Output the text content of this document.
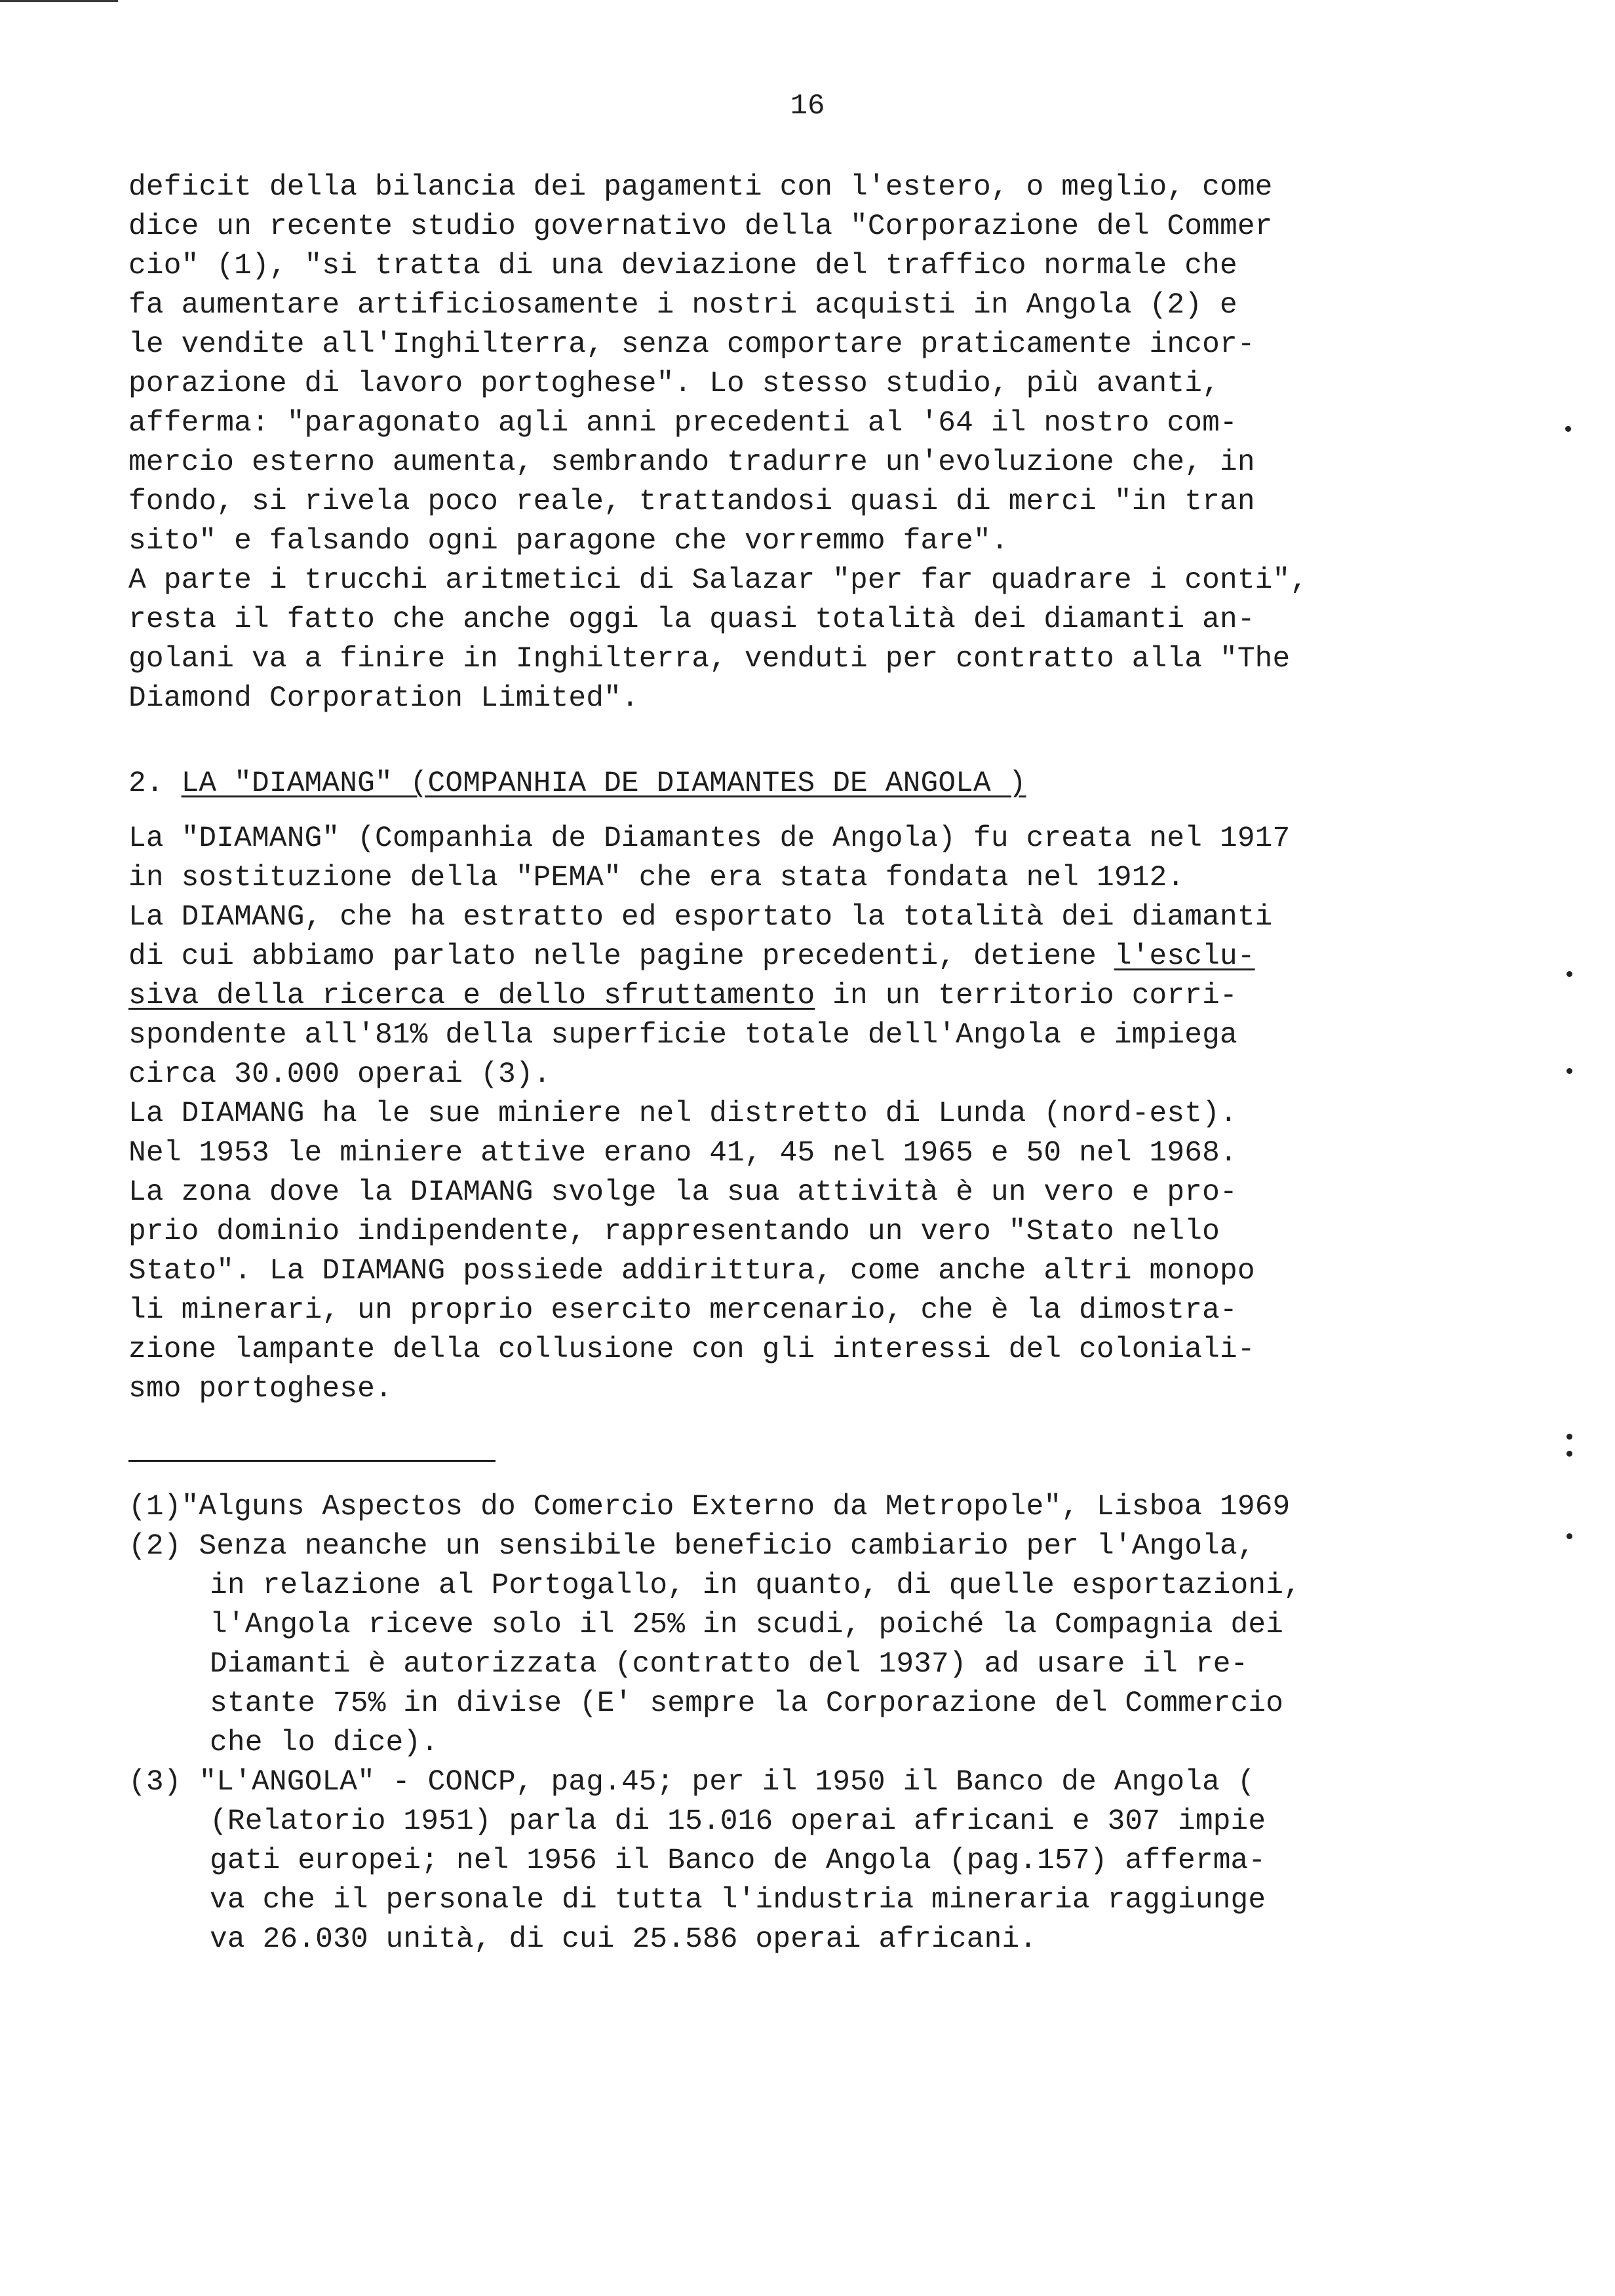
16
deficit della bilancia dei pagamenti con l'estero, o meglio, come
dice un recente studio governativo della "Corporazione del Commer
cio" (1), "si tratta di una deviazione del traffico normale che
fa aumentare artificiosamente i nostri acquisti in Angola (2) e
le vendite all'Inghilterra, senza comportare praticamente incor-
porazione di lavoro portoghese". Lo stesso studio, più avanti,
afferma: "paragonato agli anni precedenti al '64 il nostro com-
mercio esterno aumenta, sembrando tradurre un'evoluzione che, in
fondo, si rivela poco reale, trattandosi quasi di merci "in tran
sito" e falsando ogni paragone che vorremmo fare".
A parte i trucchi aritmetici di Salazar "per far quadrare i conti",
resta il fatto che anche oggi la quasi totalità dei diamanti an-
golani va a finire in Inghilterra, venduti per contratto alla "The
Diamond Corporation Limited".
2. LA "DIAMANG" (COMPANHIA DE DIAMANTES DE ANGOLA )
La "DIAMANG" (Companhia de Diamantes de Angola) fu creata nel 1917
in sostituzione della "PEMA" che era stata fondata nel 1912.
La DIAMANG, che ha estratto ed esportato la totalità dei diamanti
di cui abbiamo parlato nelle pagine precedenti, detiene l'esclu-
siva della ricerca e dello sfruttamento in un territorio corri-
spondente all'81% della superficie totale dell'Angola e impiega
circa 30.000 operai (3).
La DIAMANG ha le sue miniere nel distretto di Lunda (nord-est).
Nel 1953 le miniere attive erano 41, 45 nel 1965 e 50 nel 1968.
La zona dove la DIAMANG svolge la sua attività è un vero e pro-
prio dominio indipendente, rappresentando un vero "Stato nello
Stato". La DIAMANG possiede addirittura, come anche altri monopo
li minerari, un proprio esercito mercenario, che è la dimostra-
zione lampante della collusione con gli interessi del coloniali-
smo portoghese.
(1)"Alguns Aspectos do Comercio Externo da Metropole", Lisboa 1969
(2) Senza neanche un sensibile beneficio cambiario per l'Angola,
in relazione al Portogallo, in quanto, di quelle esportazioni,
l'Angola riceve solo il 25% in scudi, poiché la Compagnia dei
Diamanti è autorizzata (contratto del 1937) ad usare il re-
stante 75% in divise (E' sempre la Corporazione del Commercio
che lo dice).
(3) "L'ANGOLA" - CONCP, pag.45; per il 1950 il Banco de Angola (
(Relatorio 1951) parla di 15.016 operai africani e 307 impie
gati europei; nel 1956 il Banco de Angola (pag.157) afferma-
va che il personale di tutta l'industria mineraria raggiunge
va 26.030 unità, di cui 25.586 operai africani.
